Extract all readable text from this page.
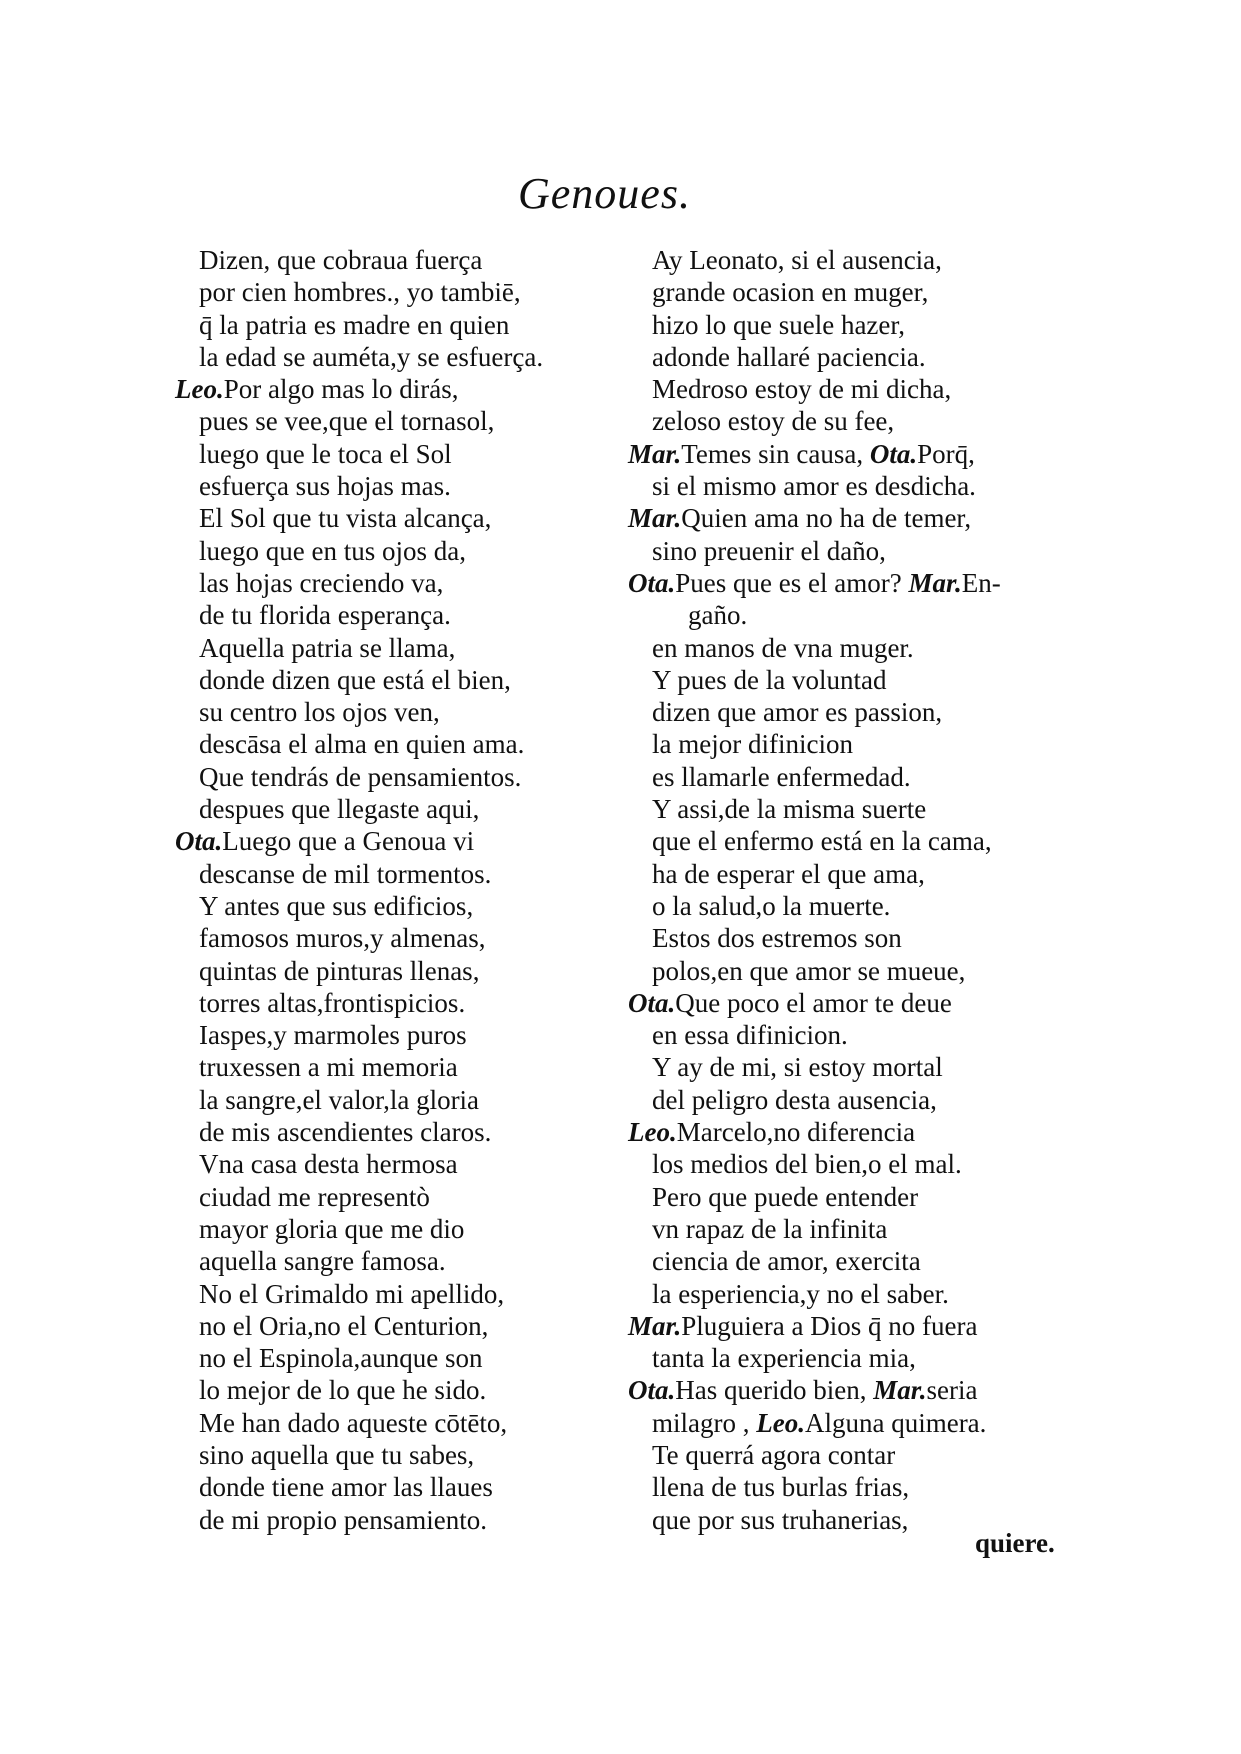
Genoues.
Dizen, que cobraua fuerça
por cien hombres., yo tambiē,
q̄ la patria es madre en quien
la edad se auméta,y se esfuerça.
Leo.Por algo mas lo dirás,
pues se vee,que el tornasol,
luego que le toca el Sol
esfuerça sus hojas mas.
El Sol que tu vista alcança,
luego que en tus ojos da,
las hojas creciendo va,
de tu florida esperança.
Aquella patria se llama,
donde dizen que está el bien,
su centro los ojos ven,
descāsa el alma en quien ama.
Que tendrás de pensamientos.
despues que llegaste aqui,
Ota.Luego que a Genoua vi
descanse de mil tormentos.
Y antes que sus edificios,
famosos muros,y almenas,
quintas de pinturas llenas,
torres altas,frontispicios.
Iaspes,y marmoles puros
truxessen a mi memoria
la sangre,el valor,la gloria
de mis ascendientes claros.
Vna casa desta hermosa
ciudad me representò
mayor gloria que me dio
aquella sangre famosa.
No el Grimaldo mi apellido,
no el Oria,no el Centurion,
no el Espinola,aunque son
lo mejor de lo que he sido.
Me han dado aqueste cōtēto,
sino aquella que tu sabes,
donde tiene amor las llaues
de mi propio pensamiento.
Ay Leonato, si el ausencia,
grande ocasion en muger,
hizo lo que suele hazer,
adonde hallaré paciencia.
Medroso estoy de mi dicha,
zeloso estoy de su fee,
Mar.Temes sin causa, Ota.Porq̄,
si el mismo amor es desdicha.
Mar.Quien ama no ha de temer,
sino preuenir el daño,
Ota.Pues que es el amor? Mar.En-
gaño.
en manos de vna muger.
Y pues de la voluntad
dizen que amor es passion,
la mejor difinicion
es llamarle enfermedad.
Y assi,de la misma suerte
que el enfermo está en la cama,
ha de esperar el que ama,
o la salud,o la muerte.
Estos dos estremos son
polos,en que amor se mueue,
Ota.Que poco el amor te deue
en essa difinicion.
Y ay de mi, si estoy mortal
del peligro desta ausencia,
Leo.Marcelo,no diferencia
los medios del bien,o el mal.
Pero que puede entender
vn rapaz de la infinita
ciencia de amor, exercita
la esperiencia,y no el saber.
Mar.Pluguiera a Dios q̄ no fuera
tanta la experiencia mia,
Ota.Has querido bien, Mar.seria
milagro , Leo.Alguna quimera.
Te querrá agora contar
llena de tus burlas frias,
que por sus truhanerias,
quiere.
